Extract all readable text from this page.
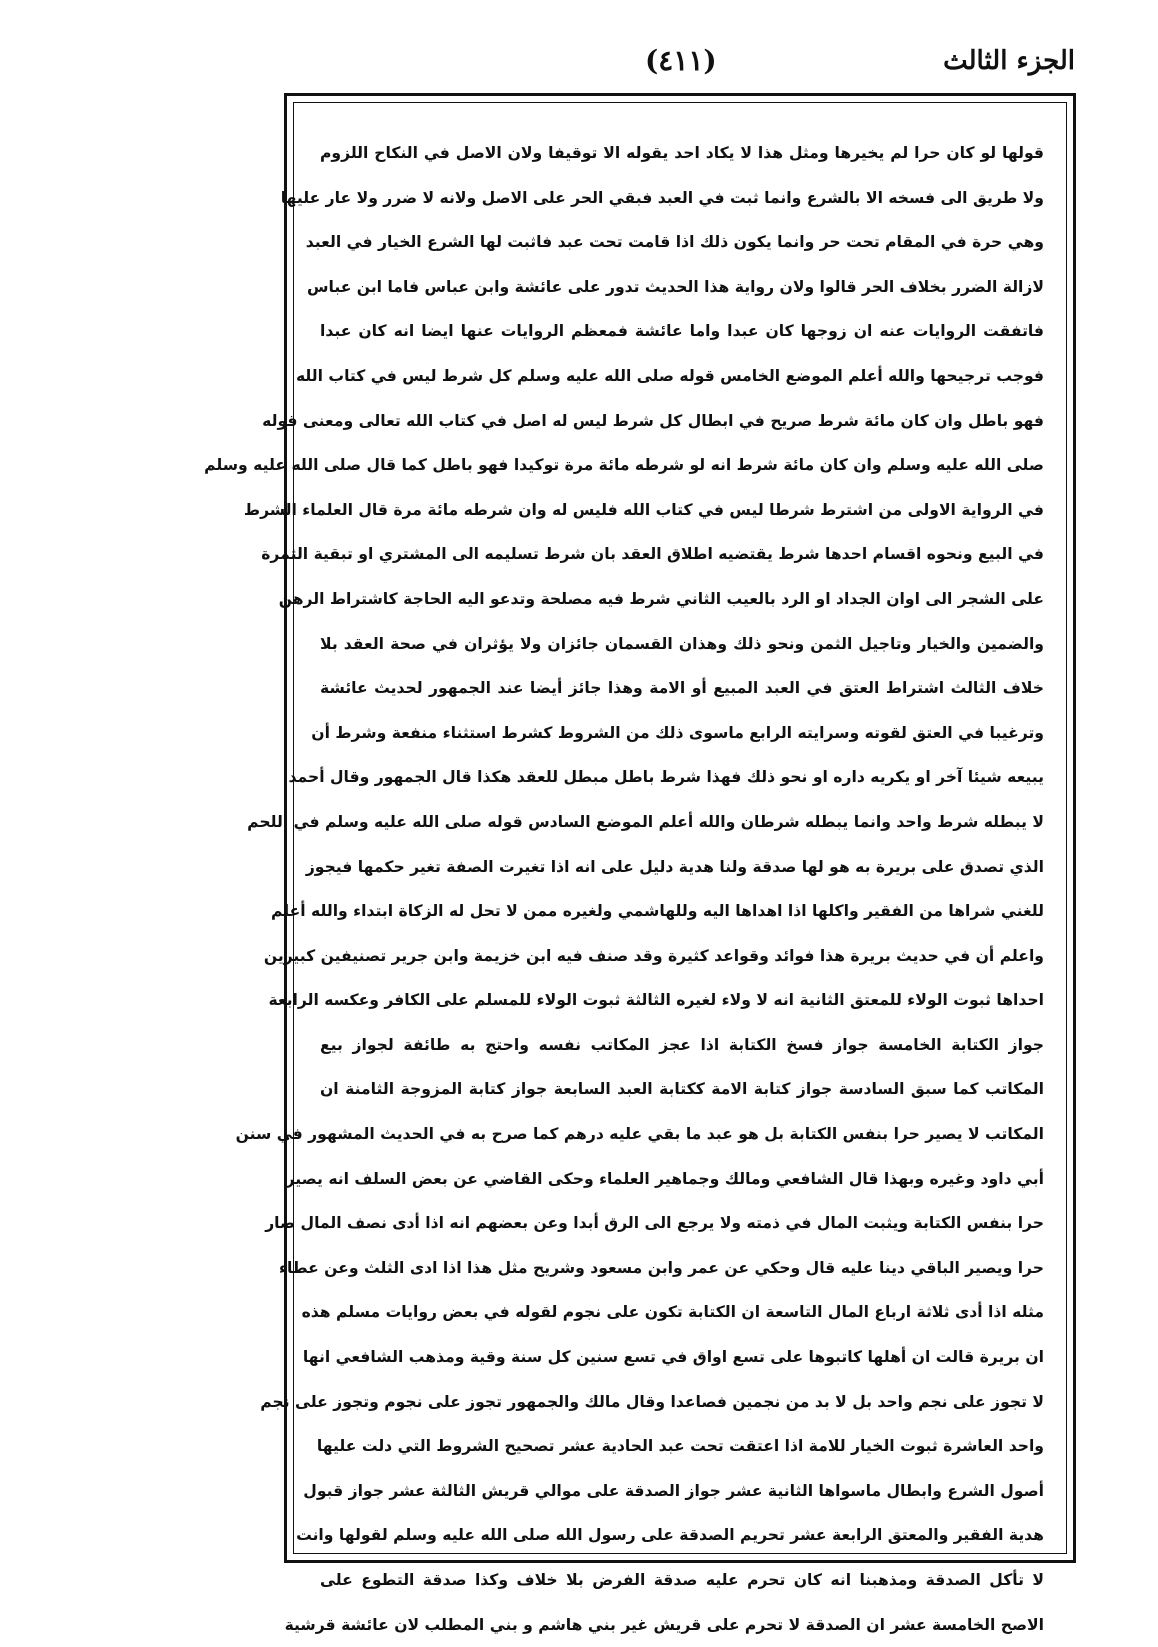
الجزء الثالث
(٤١١)
قولها لو كان حرا لم يخيرها ومثل هذا لا يكاد احد يقوله الا توقيفا ولان الاصل في النكاح اللزوم
ولا طريق الى فسخه الا بالشرع وانما ثبت في العبد فبقي الحر على الاصل ولانه لا ضرر ولا عار عليها
وهي حرة في المقام تحت حر وانما يكون ذلك اذا قامت تحت عبد فاثبت لها الشرع الخيار في العبد
لازالة الضرر بخلاف الحر قالوا ولان رواية هذا الحديث تدور على عائشة وابن عباس فاما ابن عباس
فاتفقت الروايات عنه ان زوجها كان عبدا واما عائشة فمعظم الروايات عنها ايضا انه كان عبدا
فوجب ترجيحها والله أعلم الموضع الخامس قوله صلى الله عليه وسلم كل شرط ليس في كتاب الله
فهو باطل وان كان مائة شرط صريح في ابطال كل شرط ليس له اصل في كتاب الله تعالى ومعنى قوله
صلى الله عليه وسلم وان كان مائة شرط انه لو شرطه مائة مرة توكيدا فهو باطل كما قال صلى الله عليه وسلم
في الرواية الاولى من اشترط شرطا ليس في كتاب الله فليس له وان شرطه مائة مرة قال العلماء الشرط
في البيع ونحوه اقسام احدها شرط يقتضيه اطلاق العقد بان شرط تسليمه الى المشتري او تبقية الثمرة
على الشجر الى اوان الجداد او الرد بالعيب الثاني شرط فيه مصلحة وتدعو اليه الحاجة كاشتراط الرهن
والضمين والخيار وتاجيل الثمن ونحو ذلك وهذان القسمان جائزان ولا يؤثران في صحة العقد بلا
خلاف الثالث اشتراط العتق في العبد المبيع أو الامة وهذا جائز أيضا عند الجمهور لحديث عائشة
وترغيبا في العتق لقوته وسرايته الرابع ماسوى ذلك من الشروط كشرط استثناء منفعة وشرط أن
يبيعه شيئا آخر او يكريه داره او نحو ذلك فهذا شرط باطل مبطل للعقد هكذا قال الجمهور وقال أحمد
لا يبطله شرط واحد وانما يبطله شرطان والله أعلم الموضع السادس قوله صلى الله عليه وسلم في اللحم
الذي تصدق على بريرة به هو لها صدقة ولنا هدية دليل على انه اذا تغيرت الصفة تغير حكمها فيجوز
للغني شراها من الفقير واكلها اذا اهداها اليه وللهاشمي ولغيره ممن لا تحل له الزكاة ابتداء والله أعلم
واعلم أن في حديث بريرة هذا فوائد وقواعد كثيرة وقد صنف فيه ابن خزيمة وابن جرير تصنيفين كبيرين
احداها ثبوت الولاء للمعتق الثانية انه لا ولاء لغيره الثالثة ثبوت الولاء للمسلم على الكافر وعكسه الرابعة
جواز الكتابة الخامسة جواز فسخ الكتابة اذا عجز المكاتب نفسه واحتج به طائفة لجواز بيع
المكاتب كما سبق السادسة جواز كتابة الامة ككتابة العبد السابعة جواز كتابة المزوجة الثامنة ان
المكاتب لا يصير حرا بنفس الكتابة بل هو عبد ما بقي عليه درهم كما صرح به في الحديث المشهور في سنن
أبي داود وغيره وبهذا قال الشافعي ومالك وجماهير العلماء وحكى القاضي عن بعض السلف انه يصير
حرا بنفس الكتابة ويثبت المال في ذمته ولا يرجع الى الرق أبدا وعن بعضهم انه اذا أدى نصف المال صار
حرا ويصير الباقي دينا عليه قال وحكي عن عمر وابن مسعود وشريح مثل هذا اذا ادى الثلث وعن عطاء
مثله اذا أدى ثلاثة ارباع المال التاسعة ان الكتابة تكون على نجوم لقوله في بعض روايات مسلم هذه
ان بريرة قالت ان أهلها كاتبوها على تسع اواق في تسع سنين كل سنة وقية ومذهب الشافعي انها
لا تجوز على نجم واحد بل لا بد من نجمين فصاعدا وقال مالك والجمهور تجوز على نجوم وتجوز على نجم
واحد العاشرة ثبوت الخيار للامة اذا اعتقت تحت عبد الحادية عشر تصحيح الشروط التي دلت عليها
أصول الشرع وابطال ماسواها الثانية عشر جواز الصدقة على موالي قريش الثالثة عشر جواز قبول
هدية الفقير والمعتق الرابعة عشر تحريم الصدقة على رسول الله صلى الله عليه وسلم لقولها وانت
لا تأكل الصدقة ومذهبنا انه كان تحرم عليه صدقة الفرض بلا خلاف وكذا صدقة التطوع على
الاصح الخامسة عشر ان الصدقة لا تحرم على قريش غير بني هاشم و بني المطلب لان عائشة قرشية
